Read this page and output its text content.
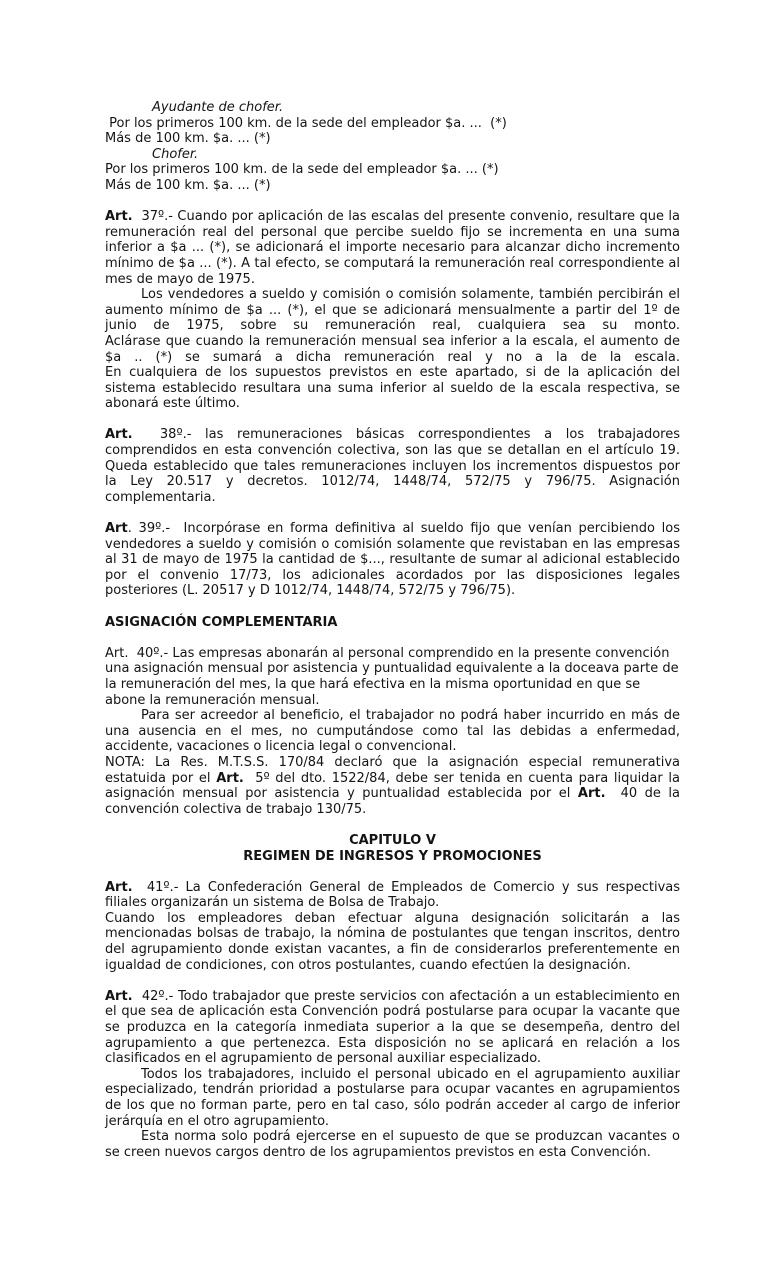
Ayudante de chofer.

Por los primeros 100 km. de la sede del empleador $a. ...  (*)

Más de 100 km. $a. ... (*)

Chofer.

Por los primeros 100 km. de la sede del empleador $a. ... (*)

Más de 100 km. $a. ... (*)

Art.  37º.- Cuando por aplicación de las escalas del presente convenio, resultare que la remuneración real del personal que percibe sueldo fijo se incrementa en una suma inferior a $a ... (*), se adicionará el importe necesario para alcanzar dicho incremento mínimo de $a ... (*). A tal efecto, se computará la remuneración real correspondiente al mes de mayo de 1975.

Los vendedores a sueldo y comisión o comisión solamente, también percibirán el aumento mínimo de $a ... (*), el que se adicionará mensualmente a partir del 1º de junio de 1975, sobre su remuneración real, cualquiera sea su monto.

Aclárase que cuando la remuneración mensual sea inferior a la escala, el aumento de $a .. (*) se sumará a dicha remuneración real y no a la de la escala.

En cualquiera de los supuestos previstos en este apartado, si de la aplicación del sistema establecido resultara una suma inferior al sueldo de la escala respectiva, se abonará este último.

Art.  38º.- las remuneraciones básicas correspondientes a los trabajadores comprendidos en esta convención colectiva, son las que se detallan en el artículo 19. Queda establecido que tales remuneraciones incluyen los incrementos dispuestos por la Ley 20.517 y decretos. 1012/74, 1448/74, 572/75 y 796/75. Asignación complementaria.

Art. 39º.-  Incorpórase en forma definitiva al sueldo fijo que venían percibiendo los vendedores a sueldo y comisión o comisión solamente que revistaban en las empresas al 31 de mayo de 1975 la cantidad de $..., resultante de sumar al adicional establecido por el convenio 17/73, los adicionales acordados por las disposiciones legales posteriores (L. 20517 y D 1012/74, 1448/74, 572/75 y 796/75).

ASIGNACIÓN COMPLEMENTARIA

Art.  40º.- Las empresas abonarán al personal comprendido en la presente convención una asignación mensual por asistencia y puntualidad equivalente a la doceava parte de la remuneración del mes, la que hará efectiva en la misma oportunidad en que se abone la remuneración mensual.

Para ser acreedor al beneficio, el trabajador no podrá haber incurrido en más de una ausencia en el mes, no cumputándose como tal las debidas a enfermedad, accidente, vacaciones o licencia legal o convencional.

NOTA: La Res. M.T.S.S. 170/84 declaró que la asignación especial remunerativa estatuida por el Art.  5º del dto. 1522/84, debe ser tenida en cuenta para liquidar la asignación mensual por asistencia y puntualidad establecida por el Art.  40 de la convención colectiva de trabajo 130/75.

CAPITULO V

REGIMEN DE INGRESOS Y PROMOCIONES

Art.  41º.- La Confederación General de Empleados de Comercio y sus respectivas filiales organizarán un sistema de Bolsa de Trabajo.

Cuando los empleadores deban efectuar alguna designación solicitarán a las mencionadas bolsas de trabajo, la nómina de postulantes que tengan inscritos, dentro del agrupamiento donde existan vacantes, a fin de considerarlos preferentemente en igualdad de condiciones, con otros postulantes, cuando efectúen la designación.

Art.  42º.- Todo trabajador que preste servicios con afectación a un establecimiento en el que sea de aplicación esta Convención podrá postularse para ocupar la vacante que se produzca en la categoría inmediata superior a la que se desempeña, dentro del agrupamiento a que pertenezca. Esta disposición no se aplicará en relación a los clasificados en el agrupamiento de personal auxiliar especializado.

Todos los trabajadores, incluido el personal ubicado en el agrupamiento auxiliar especializado, tendrán prioridad a postularse para ocupar vacantes en agrupamientos de los que no forman parte, pero en tal caso, sólo podrán acceder al cargo de inferior jerárquía en el otro agrupamiento.

Esta norma solo podrá ejercerse en el supuesto de que se produzcan vacantes o se creen nuevos cargos dentro de los agrupamientos previstos en esta Convención.
